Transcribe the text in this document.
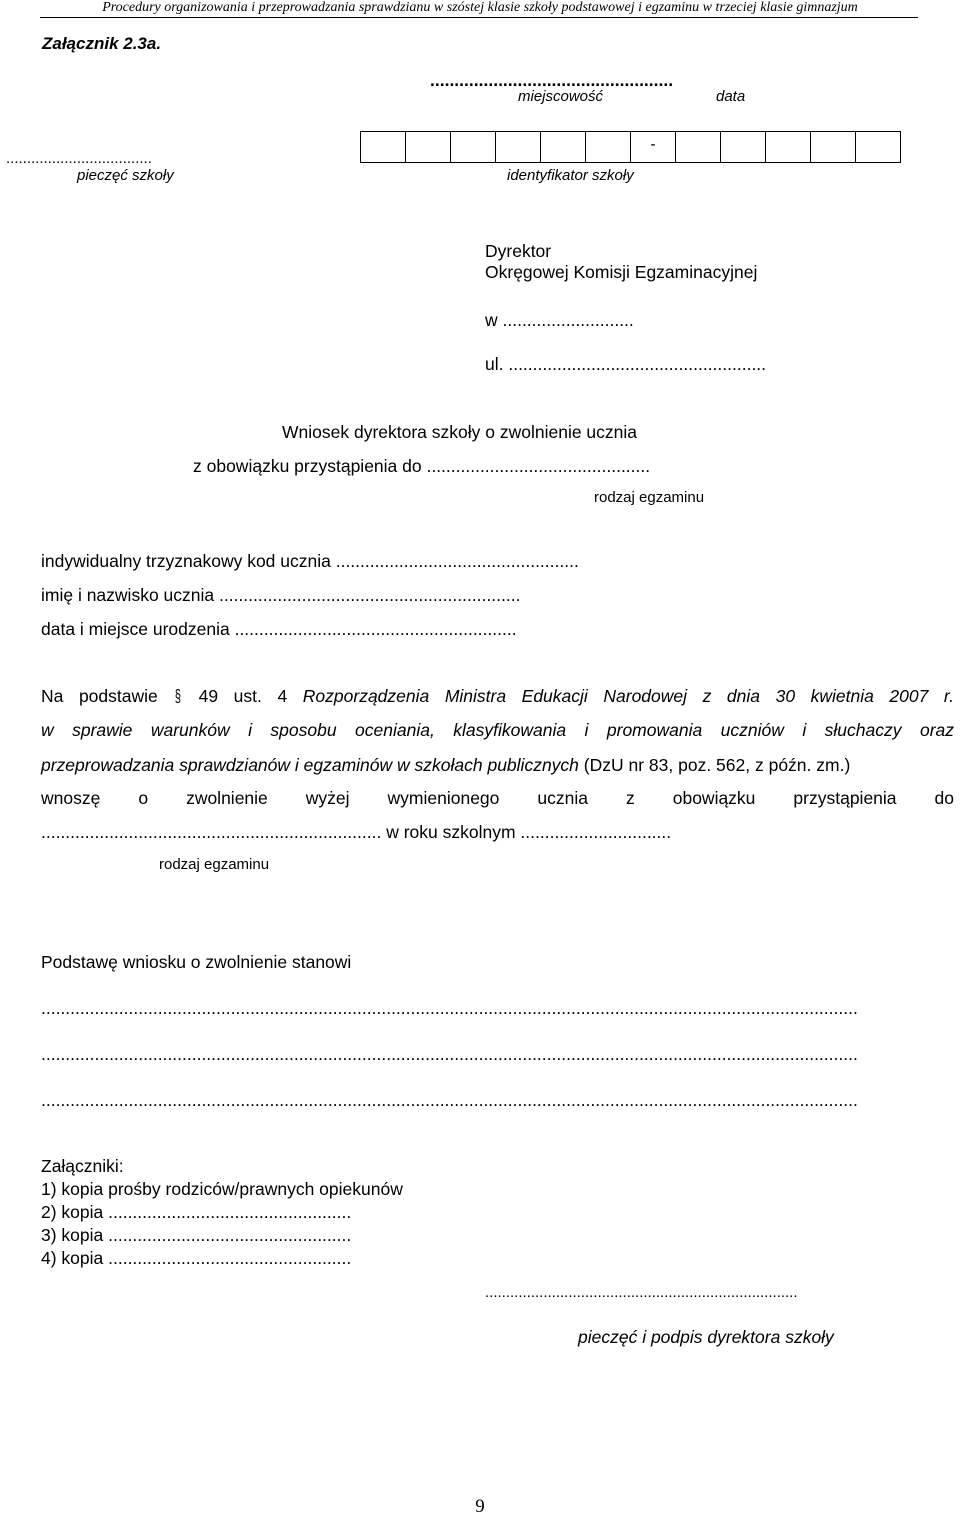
Procedury organizowania i przeprowadzania sprawdzianu w szóstej klasie szkoły podstawowej i egzaminu w trzeciej klasie gimnazjum
Załącznik 2.3a.
..................................................
miejscowość	data
...................................
pieczęć szkoły
-
identyfikator szkoły
Dyrektor
Okręgowej Komisji Egzaminacyjnej
w ...........................
ul. .....................................................
Wniosek dyrektora szkoły o zwolnienie ucznia
z obowiązku przystąpienia do ..............................................
rodzaj egzaminu
indywidualny trzyznakowy kod ucznia ..................................................
imię i nazwisko ucznia ..............................................................
data i miejsce urodzenia ..........................................................
Na podstawie § 49 ust. 4 Rozporządzenia Ministra Edukacji Narodowej z dnia 30 kwietnia 2007 r.
w sprawie warunków i sposobu oceniania, klasyfikowania i promowania uczniów i słuchaczy oraz
przeprowadzania sprawdzianów i egzaminów w szkołach publicznych (DzU nr 83, poz. 562, z późn. zm.)
wnoszę o zwolnienie wyżej wymienionego ucznia z obowiązku przystąpienia do
...................................................................... w roku szkolnym ...............................
rodzaj egzaminu
Podstawę wniosku o zwolnienie stanowi
........................................................................................................................................................................
........................................................................................................................................................................
........................................................................................................................................................................
Załączniki:
1) kopia prośby rodziców/prawnych opiekunów
2) kopia ..................................................
3) kopia ..................................................
4) kopia ..................................................
...........................................................................
pieczęć i podpis dyrektora szkoły
9
